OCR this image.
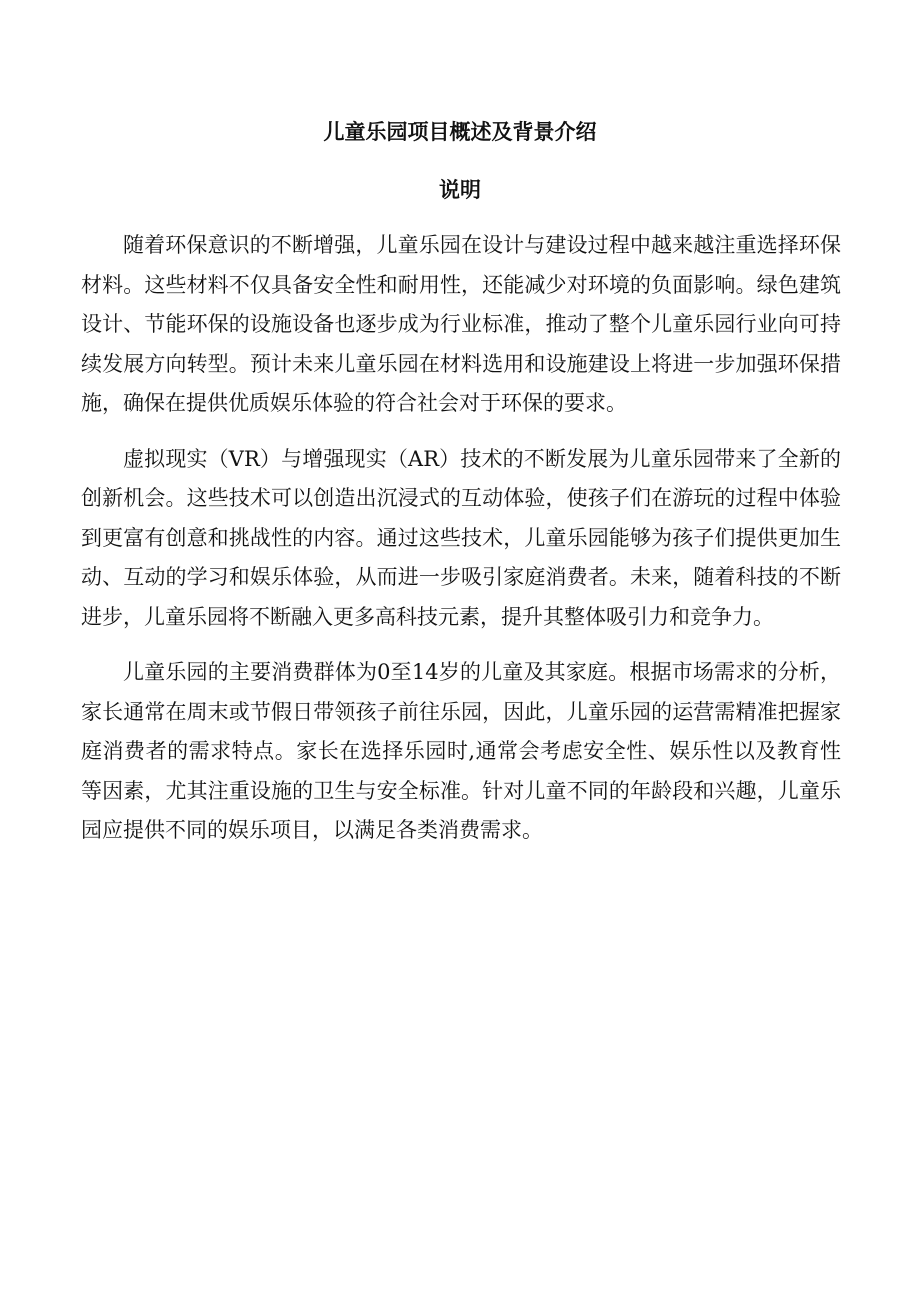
儿童乐园项目概述及背景介绍
说明

随着环保意识的不断增强，儿童乐园在设计与建设过程中越来越注重选择环保材料。这些材料不仅具备安全性和耐用性，还能减少对环境的负面影响。绿色建筑设计、节能环保的设施设备也逐步成为行业标准，推动了整个儿童乐园行业向可持续发展方向转型。预计未来儿童乐园在材料选用和设施建设上将进一步加强环保措施，确保在提供优质娱乐体验的符合社会对于环保的要求。

虚拟现实（VR）与增强现实（AR）技术的不断发展为儿童乐园带来了全新的创新机会。这些技术可以创造出沉浸式的互动体验，使孩子们在游玩的过程中体验到更富有创意和挑战性的内容。通过这些技术，儿童乐园能够为孩子们提供更加生动、互动的学习和娱乐体验，从而进一步吸引家庭消费者。未来，随着科技的不断进步，儿童乐园将不断融入更多高科技元素，提升其整体吸引力和竞争力。

儿童乐园的主要消费群体为0至14岁的儿童及其家庭。根据市场需求的分析，家长通常在周末或节假日带领孩子前往乐园，因此，儿童乐园的运营需精准把握家庭消费者的需求特点。家长在选择乐园时,通常会考虑安全性、娱乐性以及教育性等因素，尤其注重设施的卫生与安全标准。针对儿童不同的年龄段和兴趣，儿童乐园应提供不同的娱乐项目，以满足各类消费需求。
